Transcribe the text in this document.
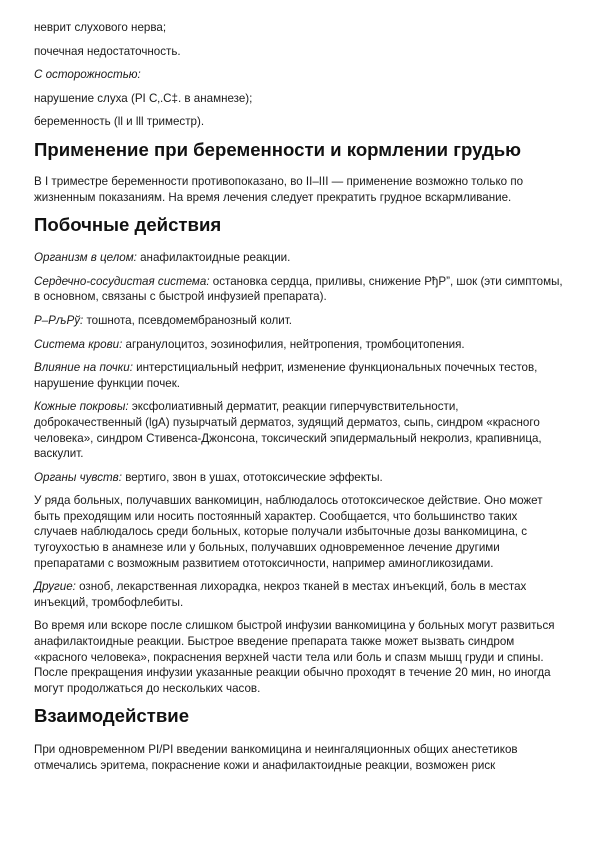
неврит слухового нерва;

почечная недостаточность.

С осторожностью:

нарушение слуха (РІ С‚.С‡. в анамнезе);

беременность (ll и lll триместр).

Применение при беременности и кормлении грудью

В I триместре беременности противопоказано, во II–III — применение возможно только по жизненным показаниям. На время лечения следует прекратить грудное вскармливание.

Побочные действия

Организм в целом: анафилактоидные реакции.

Сердечно-сосудистая система: остановка сердца, приливы, снижение РђР”, шок (эти симптомы, в основном, связаны с быстрой инфузией препарата).

Р–РљРў: тошнота, псевдомембранозный колит.

Система крови: агранулоцитоз, эозинофилия, нейтропения, тромбоцитопения.

Влияние на почки: интерстициальный нефрит, изменение функциональных почечных тестов, нарушение функции почек.

Кожные покровы: эксфолиативный дерматит, реакции гиперчувствительности, доброкачественный (lgA) пузырчатый дерматоз, зудящий дерматоз, сыпь, синдром «красного человека», синдром Стивенса-Джонсона, токсический эпидермальный некролиз, крапивница, васкулит.

Органы чувств: вертиго, звон в ушах, ототоксические эффекты.

У ряда больных, получавших ванкомицин, наблюдалось ототоксическое действие. Оно может быть преходящим или носить постоянный характер. Сообщается, что большинство таких случаев наблюдалось среди больных, которые получали избыточные дозы ванкомицина, с тугоухостью в анамнезе или у больных, получавших одновременное лечение другими препаратами с возможным развитием ототоксичности, например аминогликозидами.

Другие: озноб, лекарственная лихорадка, некроз тканей в местах инъекций, боль в местах инъекций, тромбофлебиты.

Во время или вскоре после слишком быстрой инфузии ванкомицина у больных могут развиться анафилактоидные реакции. Быстрое введение препарата также может вызвать синдром «красного человека», покраснения верхней части тела или боль и спазм мышц груди и спины. После прекращения инфузии указанные реакции обычно проходят в течение 20 мин, но иногда могут продолжаться до нескольких часов.

Взаимодействие

При одновременном РІ/РІ введении ванкомицина и неингаляционных общих анестетиков отмечались эритема, покраснение кожи и анафилактоидные реакции, возможен риск
